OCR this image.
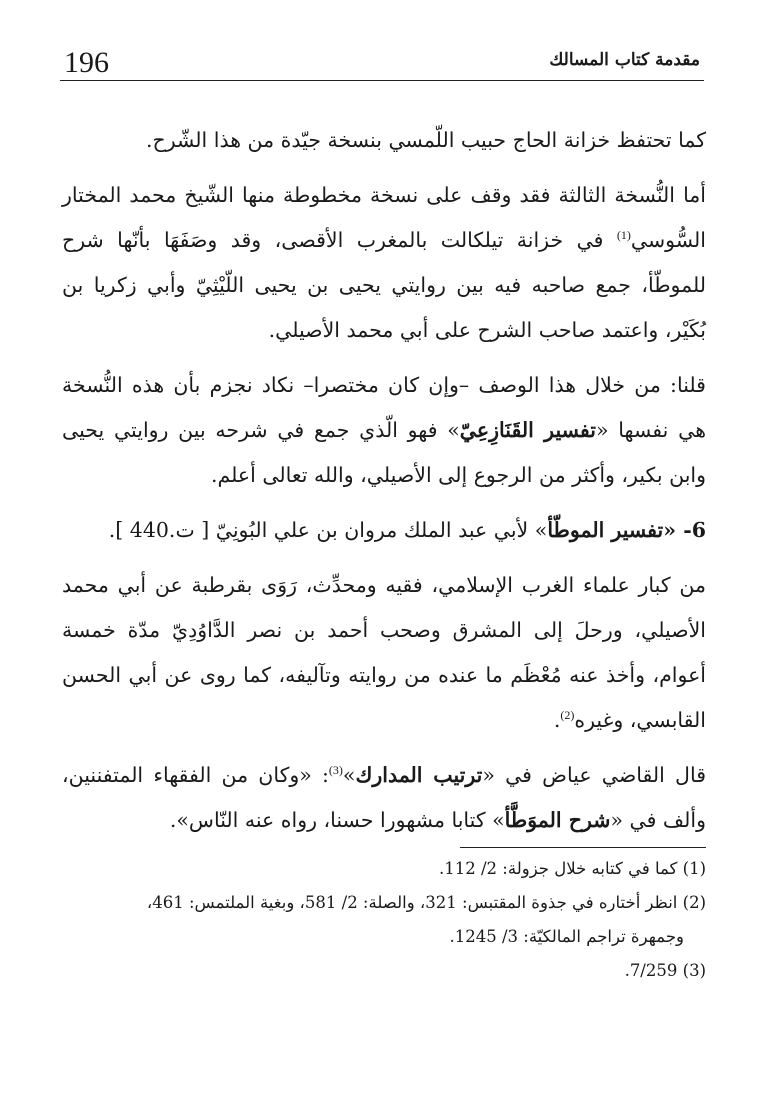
196	مقدمة كتاب المسالك

كما تحتفظ خزانة الحاج حبيب اللّمسي بنسخة جيّدة من هذا الشّرح.

أما النُّسخة الثالثة فقد وقف على نسخة مخطوطة منها الشّيخ محمد المختار السُّوسي$^{(1)}$ في خزانة تيلكالت بالمغرب الأقصى، وقد وصَفَهَا بأنّها شرح للموطّأ، جمع صاحبه فيه بين روايتي يحيى بن يحيى اللّيْثِيّ وأبي زكريا بن بُكَيْر، واعتمد صاحب الشرح على أبي محمد الأصيلي.

قلنا: من خلال هذا الوصف –وإن كان مختصرا– نكاد نجزم بأن هذه النُّسخة هي نفسها «تفسير القَنَازِعِيّ» فهو الّذي جمع في شرحه بين روايتي يحيى وابن بكير، وأكثر من الرجوع إلى الأصيلي، والله تعالى أعلم.

6- «تفسير الموطّأ» لأبي عبد الملك مروان بن علي البُونِيّ [ ت.440 ].

من كبار علماء الغرب الإسلامي، فقيه ومحدِّث، رَوَى بقرطبة عن أبي محمد الأصيلي، ورحلَ إلى المشرق وصحب أحمد بن نصر الدَّاوُدِيّ مدّة خمسة أعوام، وأخذ عنه مُعْظَم ما عنده من روايته وتآليفه، كما روى عن أبي الحسن القابسي، وغيره$^{(2)}$.

قال القاضي عياض في «ترتيب المدارك»$^{(3)}$: «وكان من الفقهاء المتفننين، وألف في «شرح الموَطَّأ» كتابا مشهورا حسنا، رواه عنه النّاس».

(1) كما في كتابه خلال جزولة: 2/ 112.

(2) انظر أختاره في جذوة المقتبس: 321، والصلة: 2/ 581، وبغية الملتمس: 461،

وجمهرة تراجم المالكيّة: 3/ 1245.

(3) 7/259.
